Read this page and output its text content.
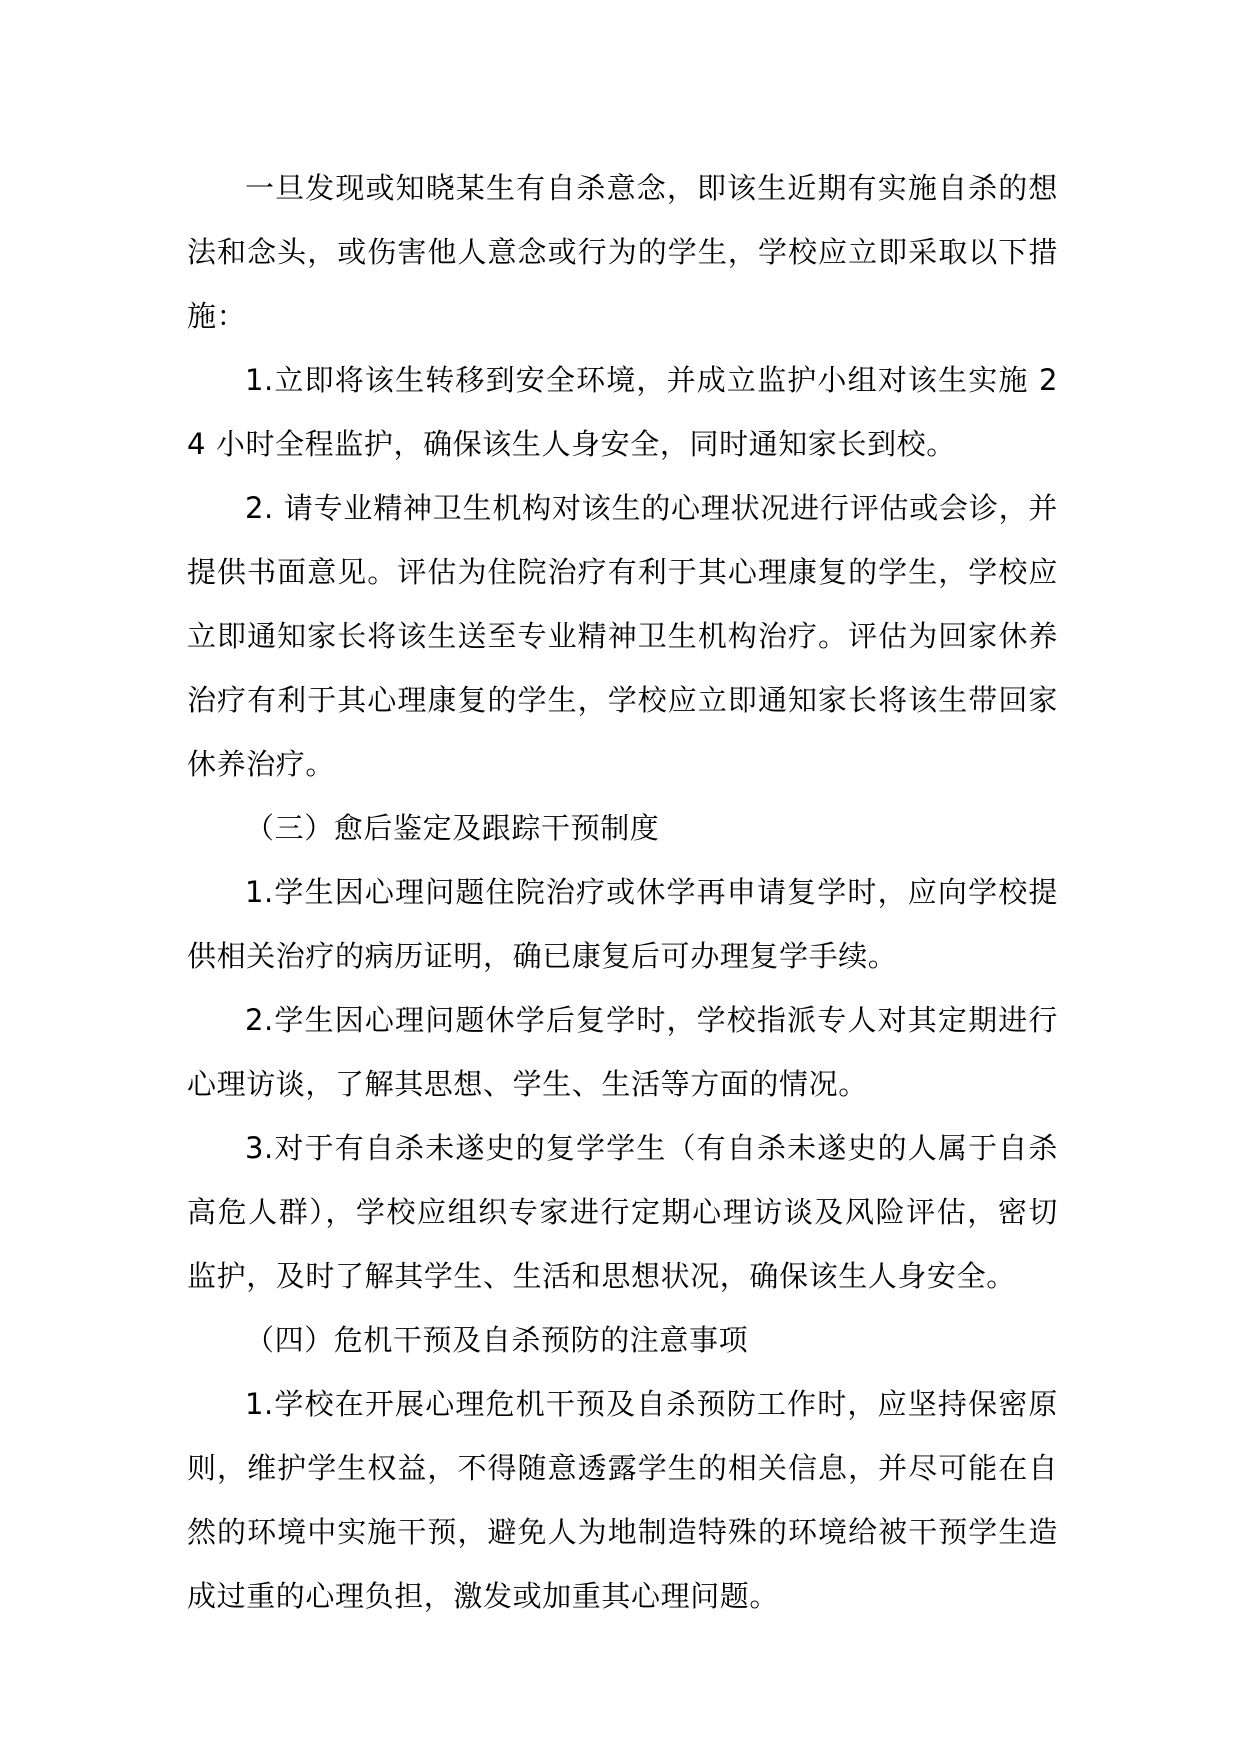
一旦发现或知晓某生有自杀意念，即该生近期有实施自杀的想法和念头，或伤害他人意念或行为的学生，学校应立即采取以下措施：

1.立即将该生转移到安全环境，并成立监护小组对该生实施 24 小时全程监护，确保该生人身安全，同时通知家长到校。

2. 请专业精神卫生机构对该生的心理状况进行评估或会诊，并提供书面意见。评估为住院治疗有利于其心理康复的学生，学校应立即通知家长将该生送至专业精神卫生机构治疗。评估为回家休养治疗有利于其心理康复的学生，学校应立即通知家长将该生带回家休养治疗。

（三）愈后鉴定及跟踪干预制度

1.学生因心理问题住院治疗或休学再申请复学时，应向学校提供相关治疗的病历证明，确已康复后可办理复学手续。

2.学生因心理问题休学后复学时，学校指派专人对其定期进行心理访谈，了解其思想、学生、生活等方面的情况。

3.对于有自杀未遂史的复学学生（有自杀未遂史的人属于自杀高危人群），学校应组织专家进行定期心理访谈及风险评估，密切监护，及时了解其学生、生活和思想状况，确保该生人身安全。

（四）危机干预及自杀预防的注意事项

1.学校在开展心理危机干预及自杀预防工作时，应坚持保密原则，维护学生权益，不得随意透露学生的相关信息，并尽可能在自然的环境中实施干预，避免人为地制造特殊的环境给被干预学生造成过重的心理负担，激发或加重其心理问题。
